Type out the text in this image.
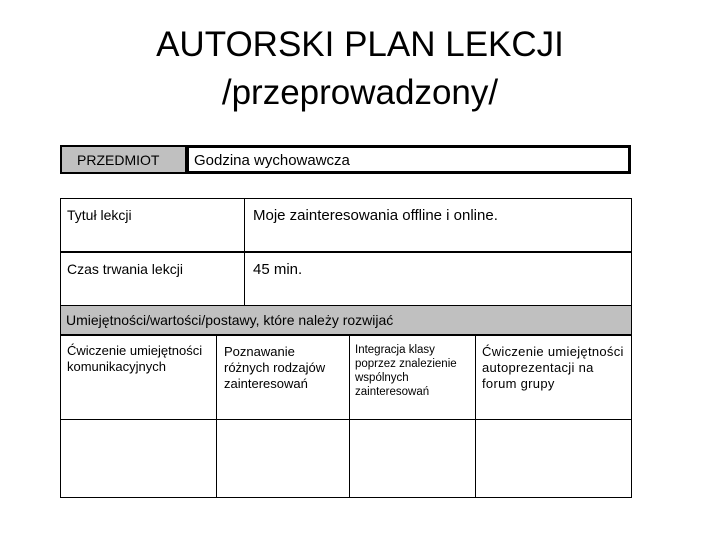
AUTORSKI PLAN LEKCJI
/przeprowadzony/
PRZEDMIOT Godzina wychowawcza
Umiejętności/wartości/postawy, które należy rozwijać
Tytuł lekcji	Moje zainteresowania offline i online.
Czas trwania lekcji	45 min.
Ćwiczenie umiejętności komunikacyjnych
Poznawanie różnych rodzajów zainteresowań
Integracja klasy poprzez znalezienie wspólnych zainteresowań
Ćwiczenie umiejętności autoprezentacji na forum grupy
